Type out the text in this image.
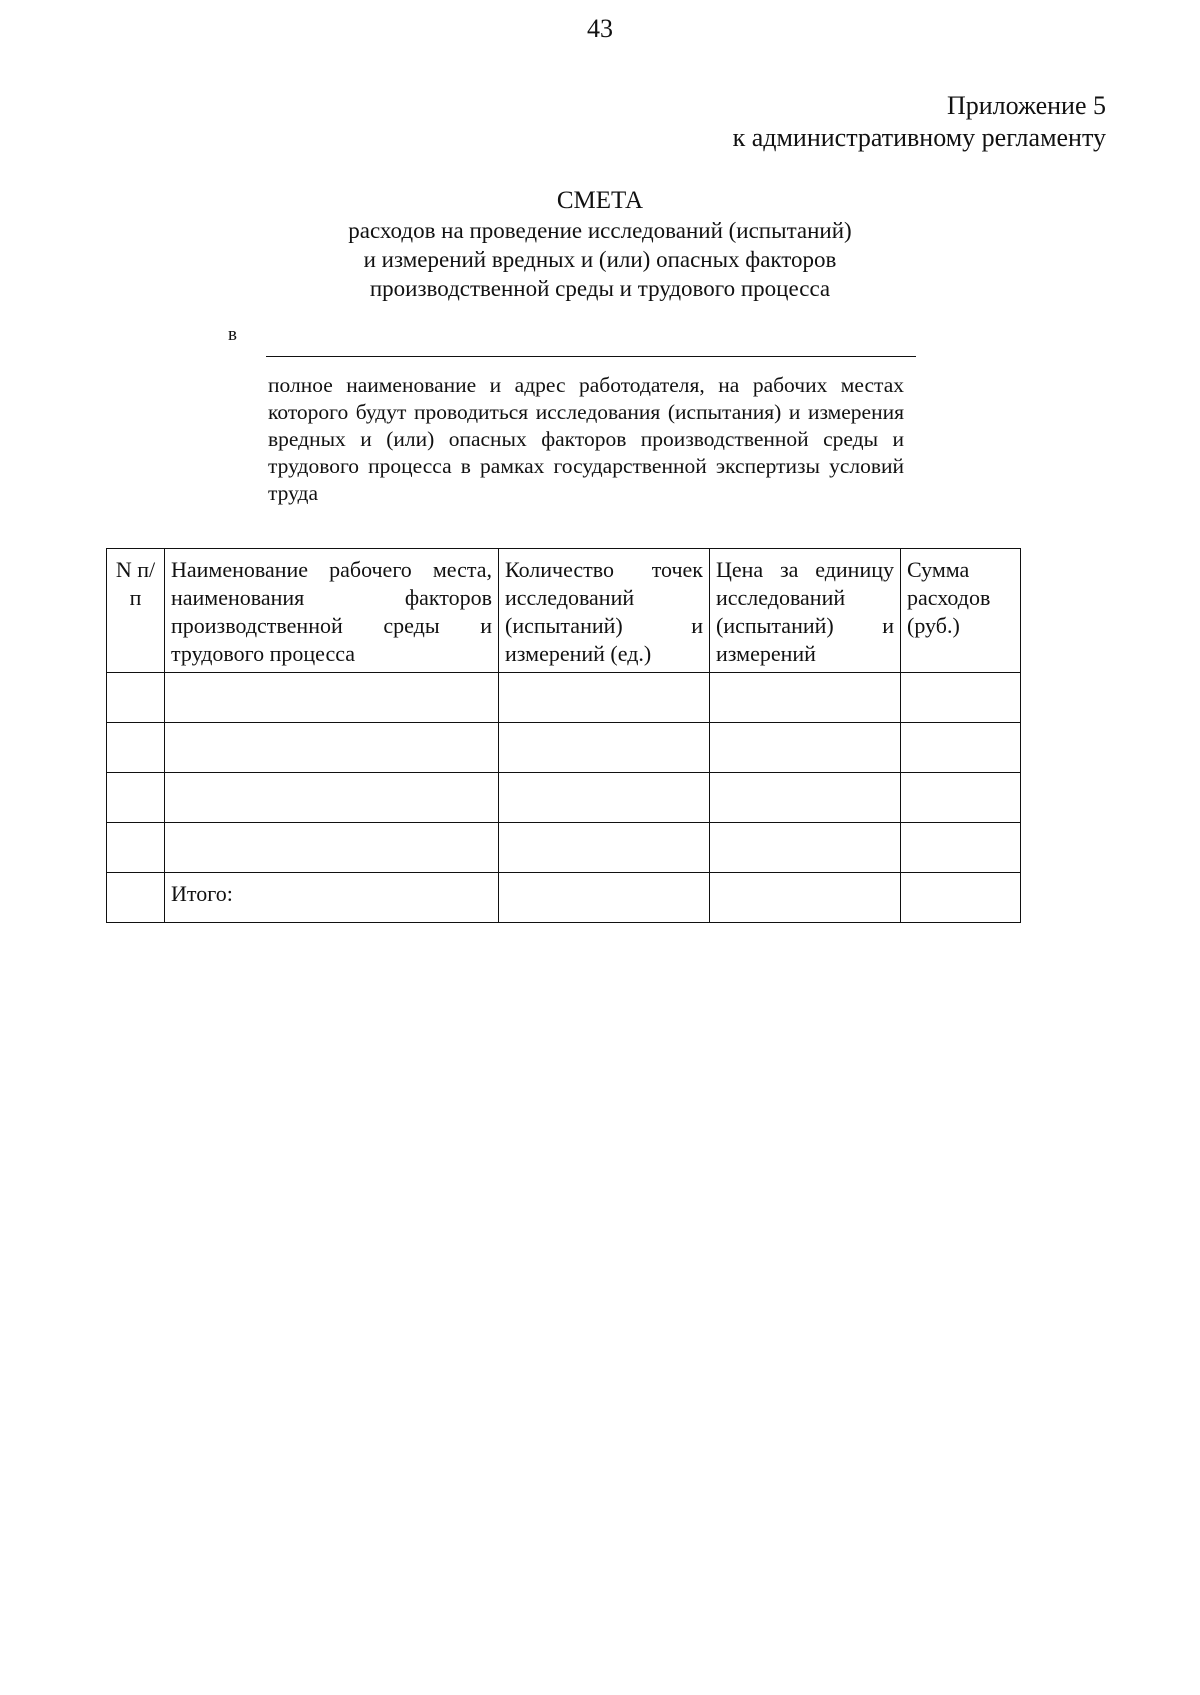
43
Приложение 5
к административному регламенту
СМЕТА
расходов на проведение исследований (испытаний)
и измерений вредных и (или) опасных факторов
производственной среды и трудового процесса
в
полное наименование и адрес работодателя, на рабочих местах которого будут проводиться исследования (испытания) и измерения вредных и (или) опасных факторов производственной среды и трудового процесса в рамках государственной экспертизы условий труда
N п/п	Наименование рабочего места, наименования факторов производственной среды и трудового процесса	Количество точек исследований (испытаний) и измерений (ед.)	Цена за единицу исследований (испытаний) и измерений	Сумма расходов (руб.)

	Итого:			
